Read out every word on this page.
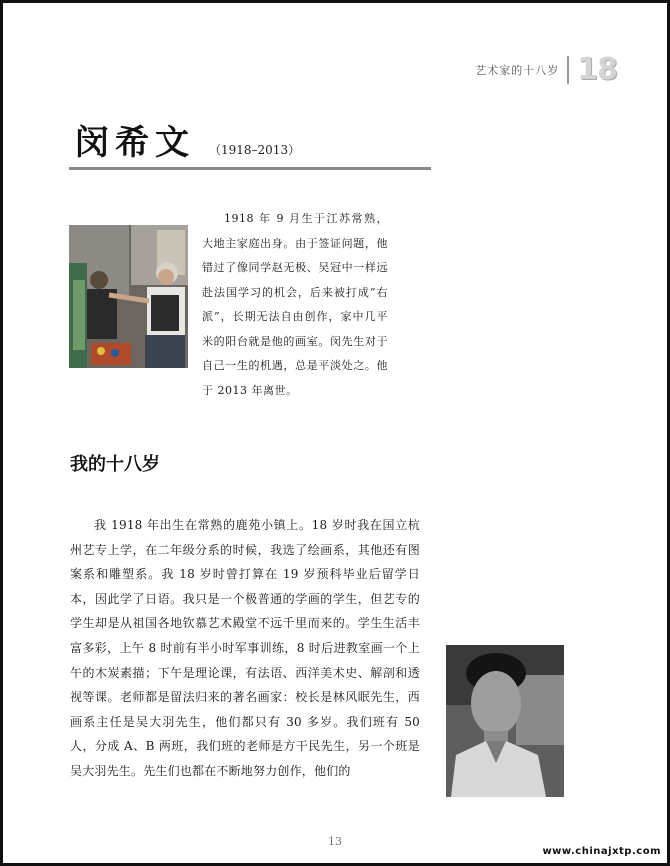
艺术家的十八岁 18
闵希文 （1918–2013）
1918 年 9 月生于江苏常熟，大地主家庭出身。由于签证问题，他错过了像同学赵无极、吴冠中一样远赴法国学习的机会，后来被打成“右派”，长期无法自由创作，家中几平米的阳台就是他的画室。闵先生对于自己一生的机遇，总是平淡处之。他于 2013 年离世。
我的十八岁
我 1918 年出生在常熟的鹿苑小镇上。18 岁时我在国立杭州艺专上学，在二年级分系的时候，我选了绘画系，其他还有图案系和雕塑系。我 18 岁时曾打算在 19 岁预科毕业后留学日本，因此学了日语。我只是一个极普通的学画的学生，但艺专的学生却是从祖国各地钦慕艺术殿堂不远千里而来的。学生生活丰富多彩，上午 8 时前有半小时军事训练，8 时后进教室画一个上午的木炭素描；下午是理论课，有法语、西洋美术史、解剖和透视等课。老师都是留法归来的著名画家：校长是林风眠先生，西画系主任是吴大羽先生，他们都只有 30 多岁。我们班有 50 人，分成 A、B 两班，我们班的老师是方干民先生，另一个班是吴大羽先生。先生们也都在不断地努力创作，他们的
13
www.chinajxtp.com
